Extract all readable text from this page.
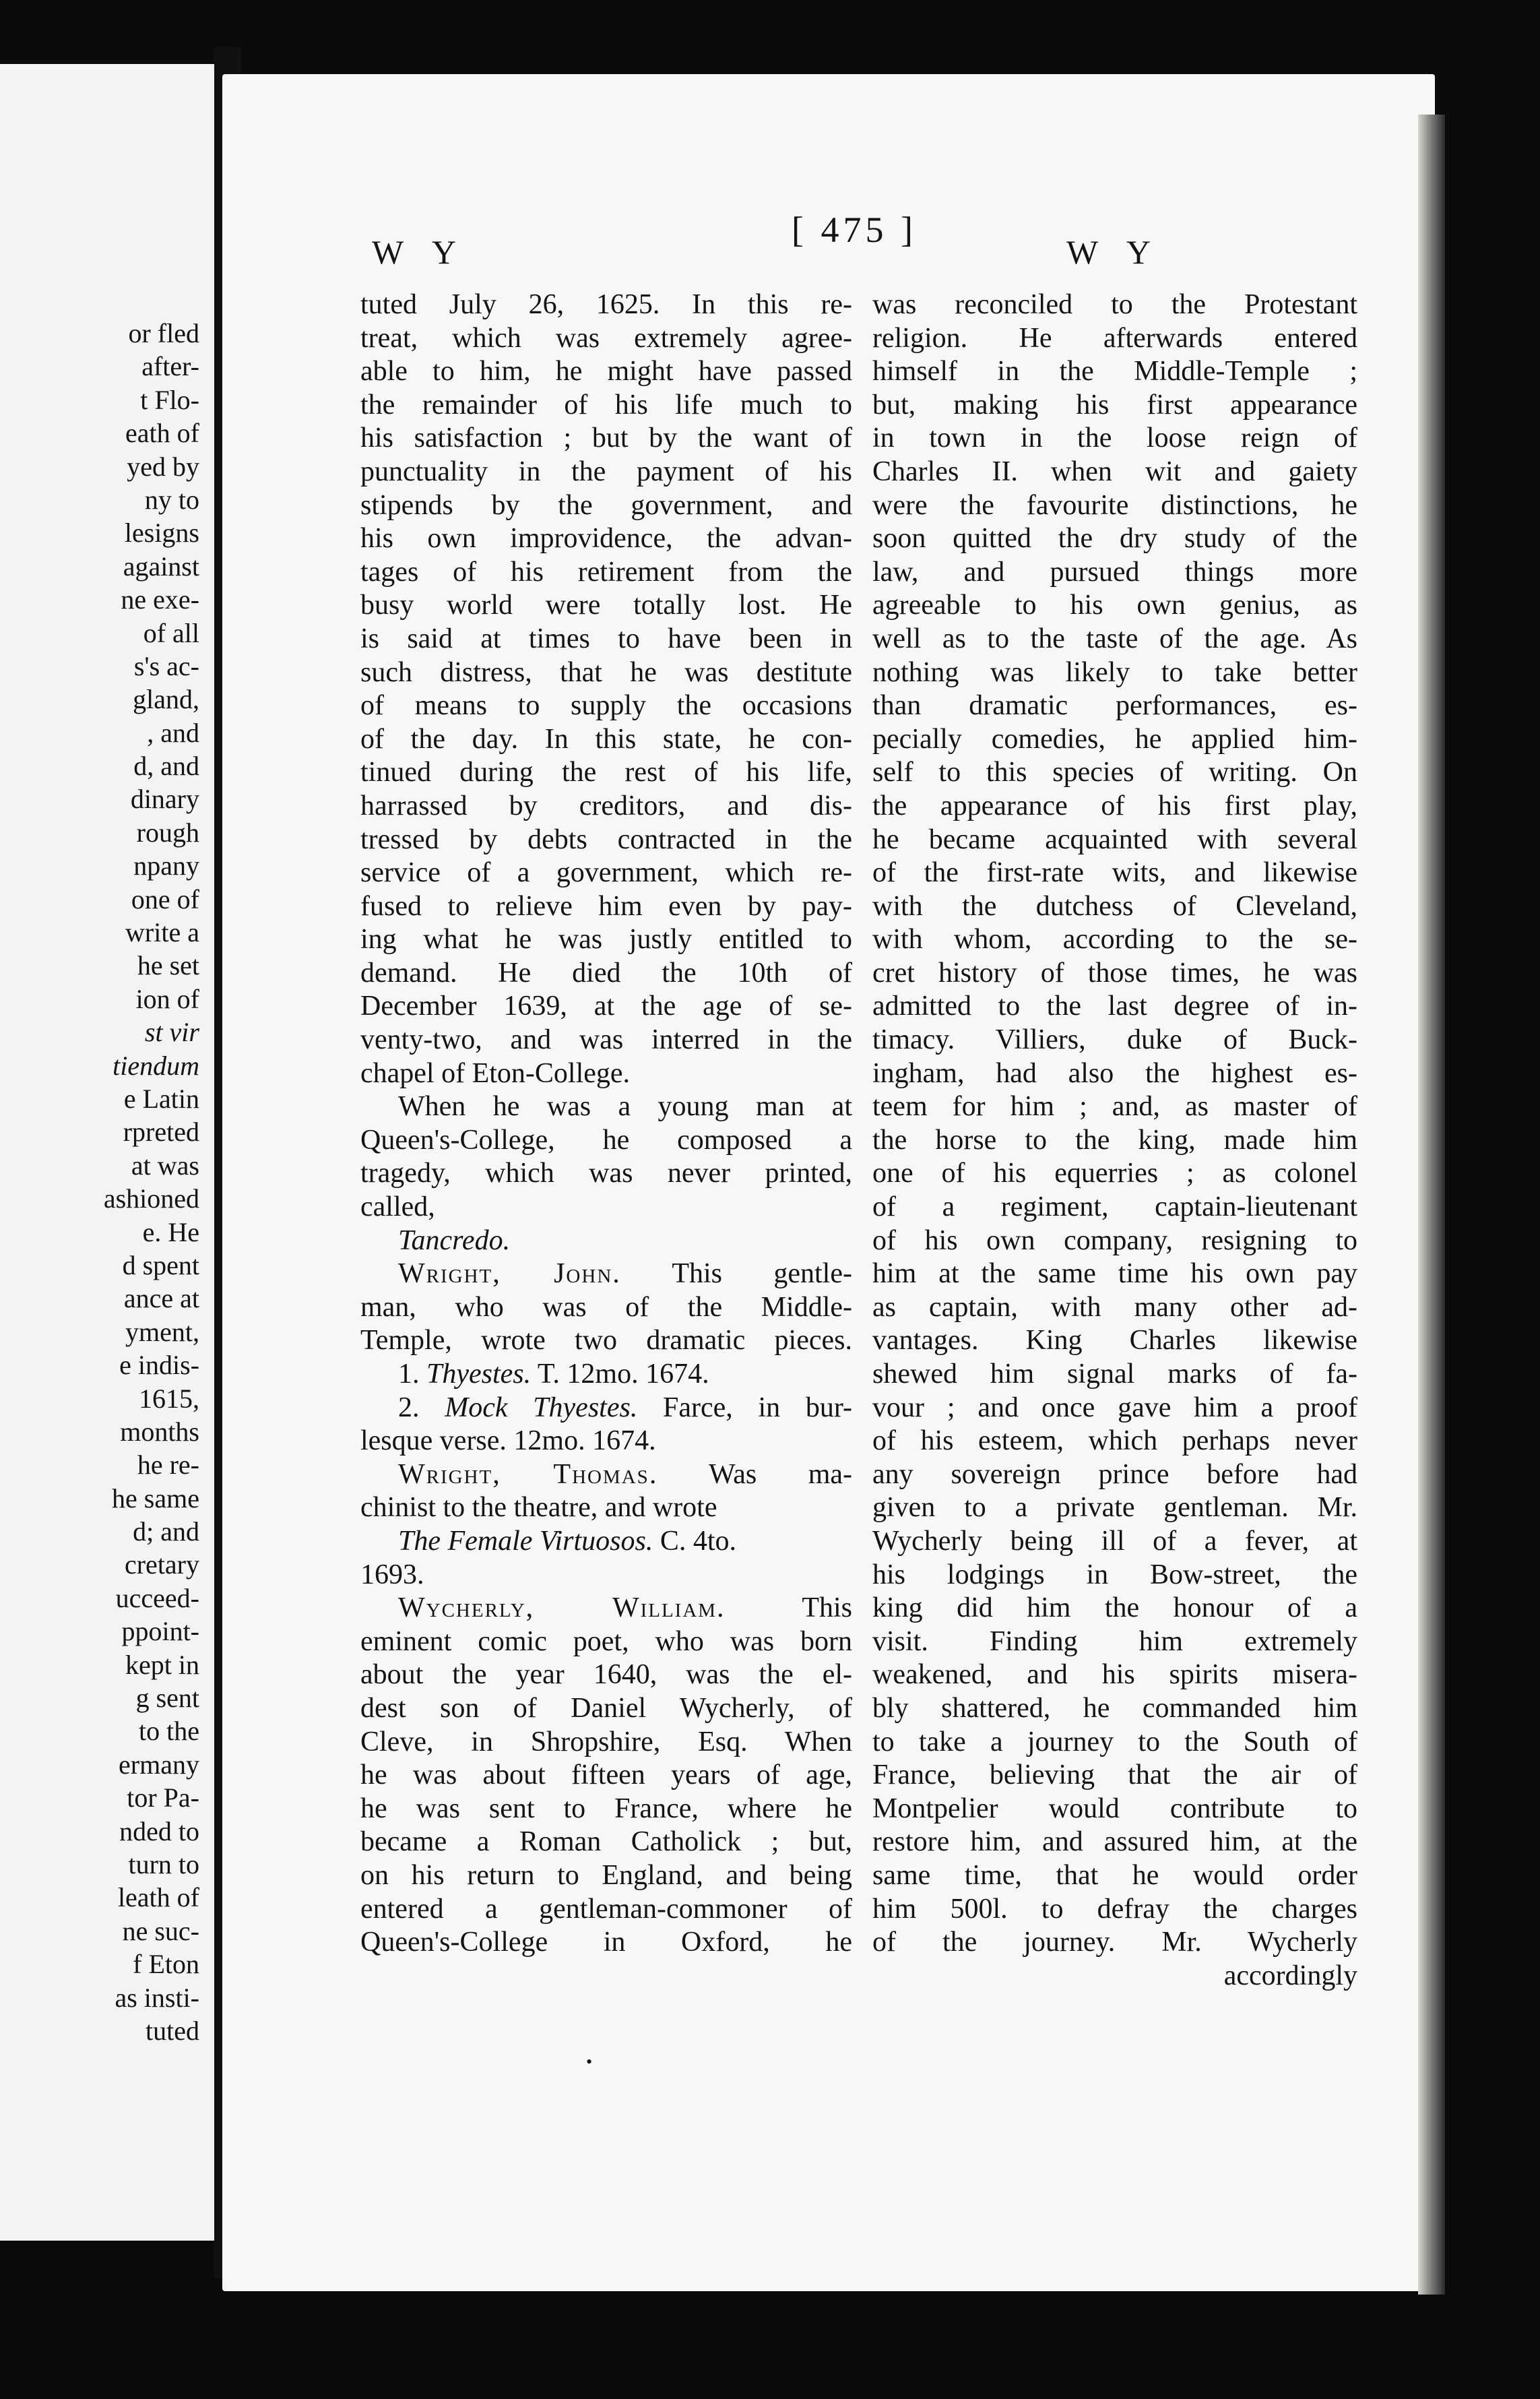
or fled
after-
t Flo-
eath of
yed by
ny to
lesigns
against
ne exe-
of all
s's ac-
gland,
, and
d, and
dinary
rough
npany
one of
write a
he set
ion of
st vir
tiendum
e Latin
rpreted
at was
ashioned
e. He
d spent
ance at
yment,
e indis-
1615,
months
he re-
he same
d; and
cretary
ucceed-
ppoint-
kept in
g sent
to the
ermany
tor Pa-
nded to
turn to
leath of
ne suc-
f Eton
as insti-
tuted
W Y
[ 475 ]
W Y
tuted July 26, 1625. In this re-
treat, which was extremely agree-
able to him, he might have passed
the remainder of his life much to
his satisfaction ; but by the want of
punctuality in the payment of his
stipends by the government, and
his own improvidence, the advan-
tages of his retirement from the
busy world were totally lost. He
is said at times to have been in
such distress, that he was destitute
of means to supply the occasions
of the day. In this state, he con-
tinued during the rest of his life,
harrassed by creditors, and dis-
tressed by debts contracted in the
service of a government, which re-
fused to relieve him even by pay-
ing what he was justly entitled to
demand. He died the 10th of
December 1639, at the age of se-
venty-two, and was interred in the
chapel of Eton-College.
When he was a young man at
Queen's-College, he composed a
tragedy, which was never printed,
called,
Tancredo.
Wright, John. This gentle-
man, who was of the Middle-
Temple, wrote two dramatic pieces.
1. Thyestes. T. 12mo. 1674.
2. Mock Thyestes. Farce, in bur-
lesque verse. 12mo. 1674.
Wright, Thomas. Was ma-
chinist to the theatre, and wrote
The Female Virtuosos. C. 4to.
1693.
Wycherly, William. This
eminent comic poet, who was born
about the year 1640, was the el-
dest son of Daniel Wycherly, of
Cleve, in Shropshire, Esq. When
he was about fifteen years of age,
he was sent to France, where he
became a Roman Catholick ; but,
on his return to England, and being
entered a gentleman-commoner of
Queen's-College in Oxford, he
was reconciled to the Protestant
religion. He afterwards entered
himself in the Middle-Temple ;
but, making his first appearance
in town in the loose reign of
Charles II. when wit and gaiety
were the favourite distinctions, he
soon quitted the dry study of the
law, and pursued things more
agreeable to his own genius, as
well as to the taste of the age. As
nothing was likely to take better
than dramatic performances, es-
pecially comedies, he applied him-
self to this species of writing. On
the appearance of his first play,
he became acquainted with several
of the first-rate wits, and likewise
with the dutchess of Cleveland,
with whom, according to the se-
cret history of those times, he was
admitted to the last degree of in-
timacy. Villiers, duke of Buck-
ingham, had also the highest es-
teem for him ; and, as master of
the horse to the king, made him
one of his equerries ; as colonel
of a regiment, captain-lieutenant
of his own company, resigning to
him at the same time his own pay
as captain, with many other ad-
vantages. King Charles likewise
shewed him signal marks of fa-
vour ; and once gave him a proof
of his esteem, which perhaps never
any sovereign prince before had
given to a private gentleman. Mr.
Wycherly being ill of a fever, at
his lodgings in Bow-street, the
king did him the honour of a
visit. Finding him extremely
weakened, and his spirits misera-
bly shattered, he commanded him
to take a journey to the South of
France, believing that the air of
Montpelier would contribute to
restore him, and assured him, at the
same time, that he would order
him 500l. to defray the charges
of the journey. Mr. Wycherly
accordingly
•
